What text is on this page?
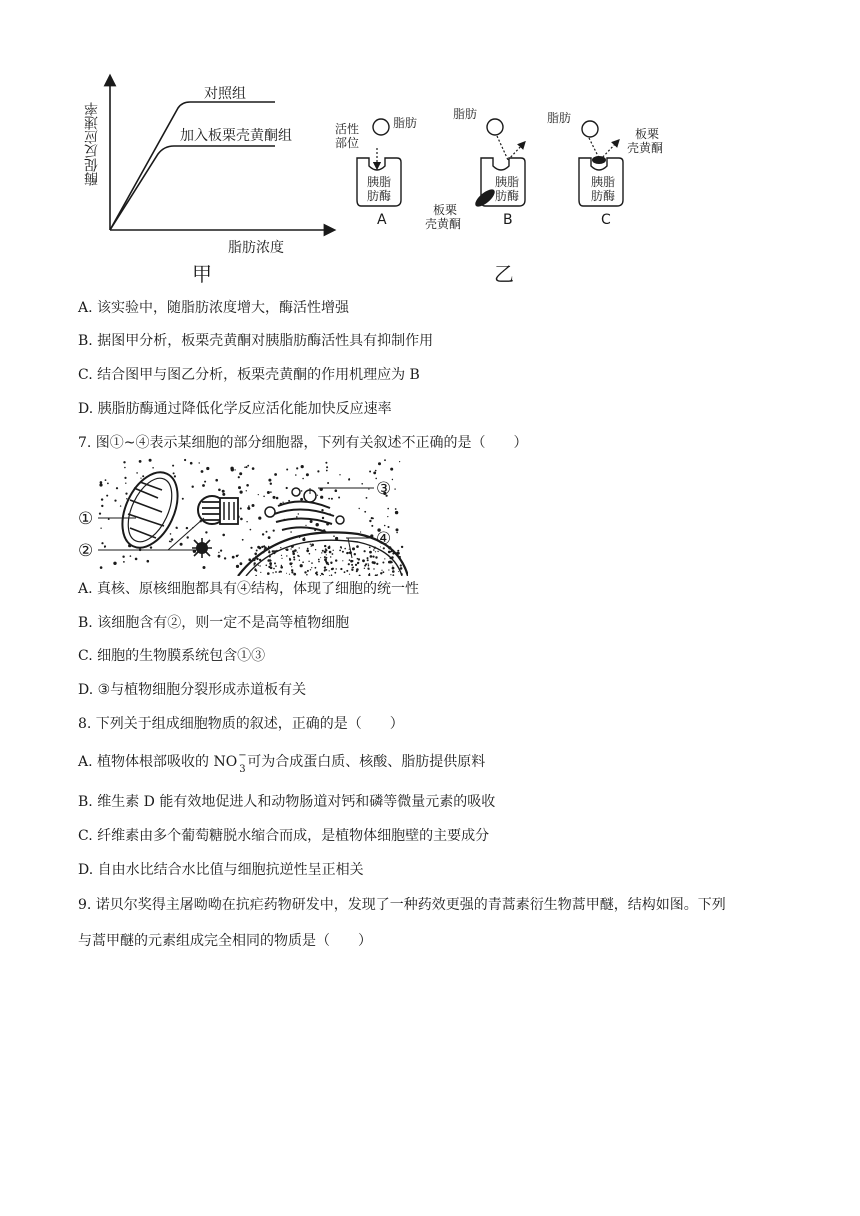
对照组
加入板栗壳黄酮组
脂肪浓度
酶促反应速率
甲
脂肪
活性
部位
胰脂
肪酶
A
脂肪
胰脂
肪酶
板栗
壳黄酮	B
脂肪
板栗
壳黄酮
胰脂
肪酶
C
乙
A. 该实验中，随脂肪浓度增大，酶活性增强
B. 据图甲分析，板栗壳黄酮对胰脂肪酶活性具有抑制作用
C. 结合图甲与图乙分析，板栗壳黄酮的作用机理应为 B
D. 胰脂肪酶通过降低化学反应活化能加快反应速率
7. 图①~④表示某细胞的部分细胞器，下列有关叙述不正确的是（　　）
①
②
③
④
A. 真核、原核细胞都具有④结构，体现了细胞的统一性
B. 该细胞含有②，则一定不是高等植物细胞
C. 细胞的生物膜系统包含①③
D. ③与植物细胞分裂形成赤道板有关
8. 下列关于组成细胞物质的叙述，正确的是（　　）
A. 植物体根部吸收的 NO −
3 可为合成蛋白质、核酸、脂肪提供原料
B. 维生素 D 能有效地促进人和动物肠道对钙和磷等微量元素的吸收
C. 纤维素由多个葡萄糖脱水缩合而成，是植物体细胞壁的主要成分
D. 自由水比结合水比值与细胞抗逆性呈正相关
9. 诺贝尔奖得主屠呦呦在抗疟药物研发中，发现了一种药效更强的青蒿素衍生物蒿甲醚，结构如图。下列
与蒿甲醚的元素组成完全相同的物质是（　　）
